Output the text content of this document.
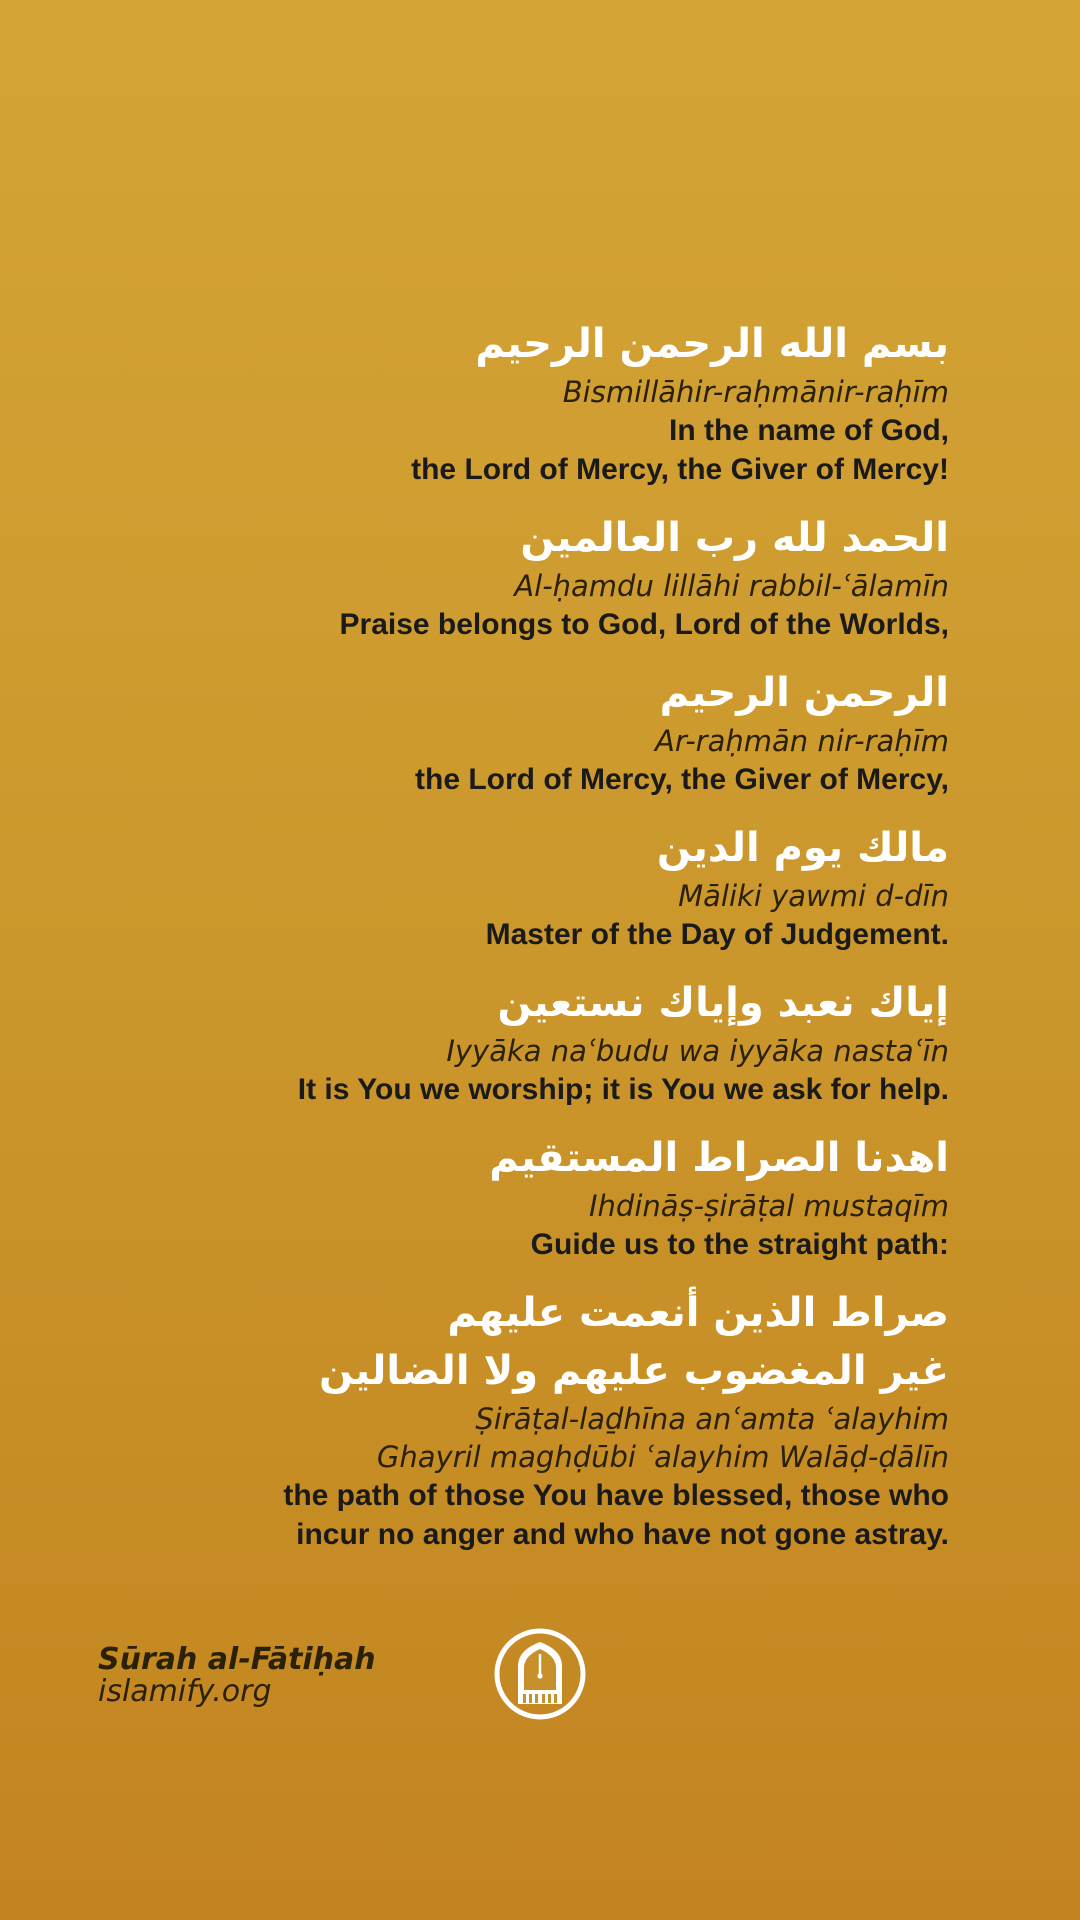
بسم الله الرحمن الرحيم
Bismillāhir-raḥmānir-raḥīm
In the name of God,
the Lord of Mercy, the Giver of Mercy!
الحمد لله رب العالمين
Al-ḥamdu lillāhi rabbil-ʿālamīn
Praise belongs to God, Lord of the Worlds,
الرحمن الرحيم
Ar-raḥmān nir-raḥīm
the Lord of Mercy, the Giver of Mercy,
مالك يوم الدين
Māliki yawmi d-dīn
Master of the Day of Judgement.
إياك نعبد وإياك نستعين
Iyyāka naʿbudu wa iyyāka nastaʿīn
It is You we worship; it is You we ask for help.
اهدنا الصراط المستقيم
Ihdināṣ-ṣirāṭal mustaqīm
Guide us to the straight path:
صراط الذين أنعمت عليهم
غير المغضوب عليهم ولا الضالين
Ṣirāṭal-laḏhīna anʿamta ʿalayhim
Ghayril maghḍūbi ʿalayhim Walāḍ-ḍālīn
the path of those You have blessed, those who
incur no anger and who have not gone astray.
Sūrah al-Fātiḥah
islamify.org
